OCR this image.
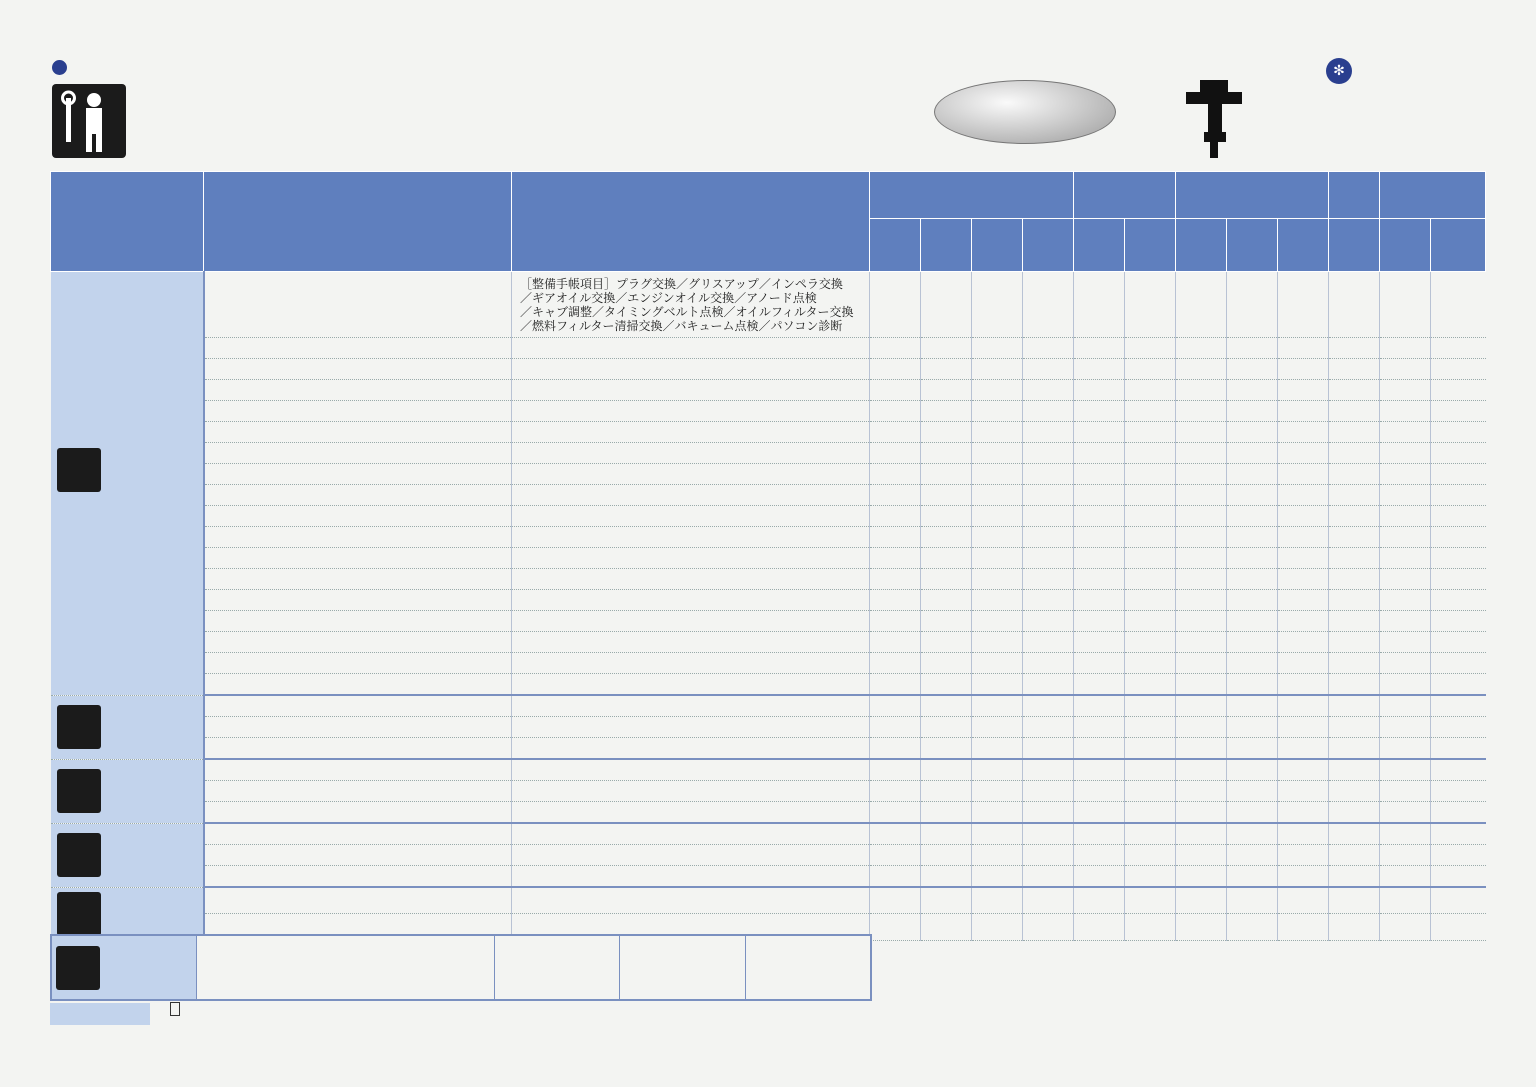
✻

		［整備手帳項目］プラグ交換／グリスアップ／インペラ交換
／ギアオイル交換／エンジンオイル交換／アノード点検
／キャブ調整／タイミングベルト点検／オイルフィルター交換
／燃料フィルター清掃交換／バキューム点検／パソコン診断												
